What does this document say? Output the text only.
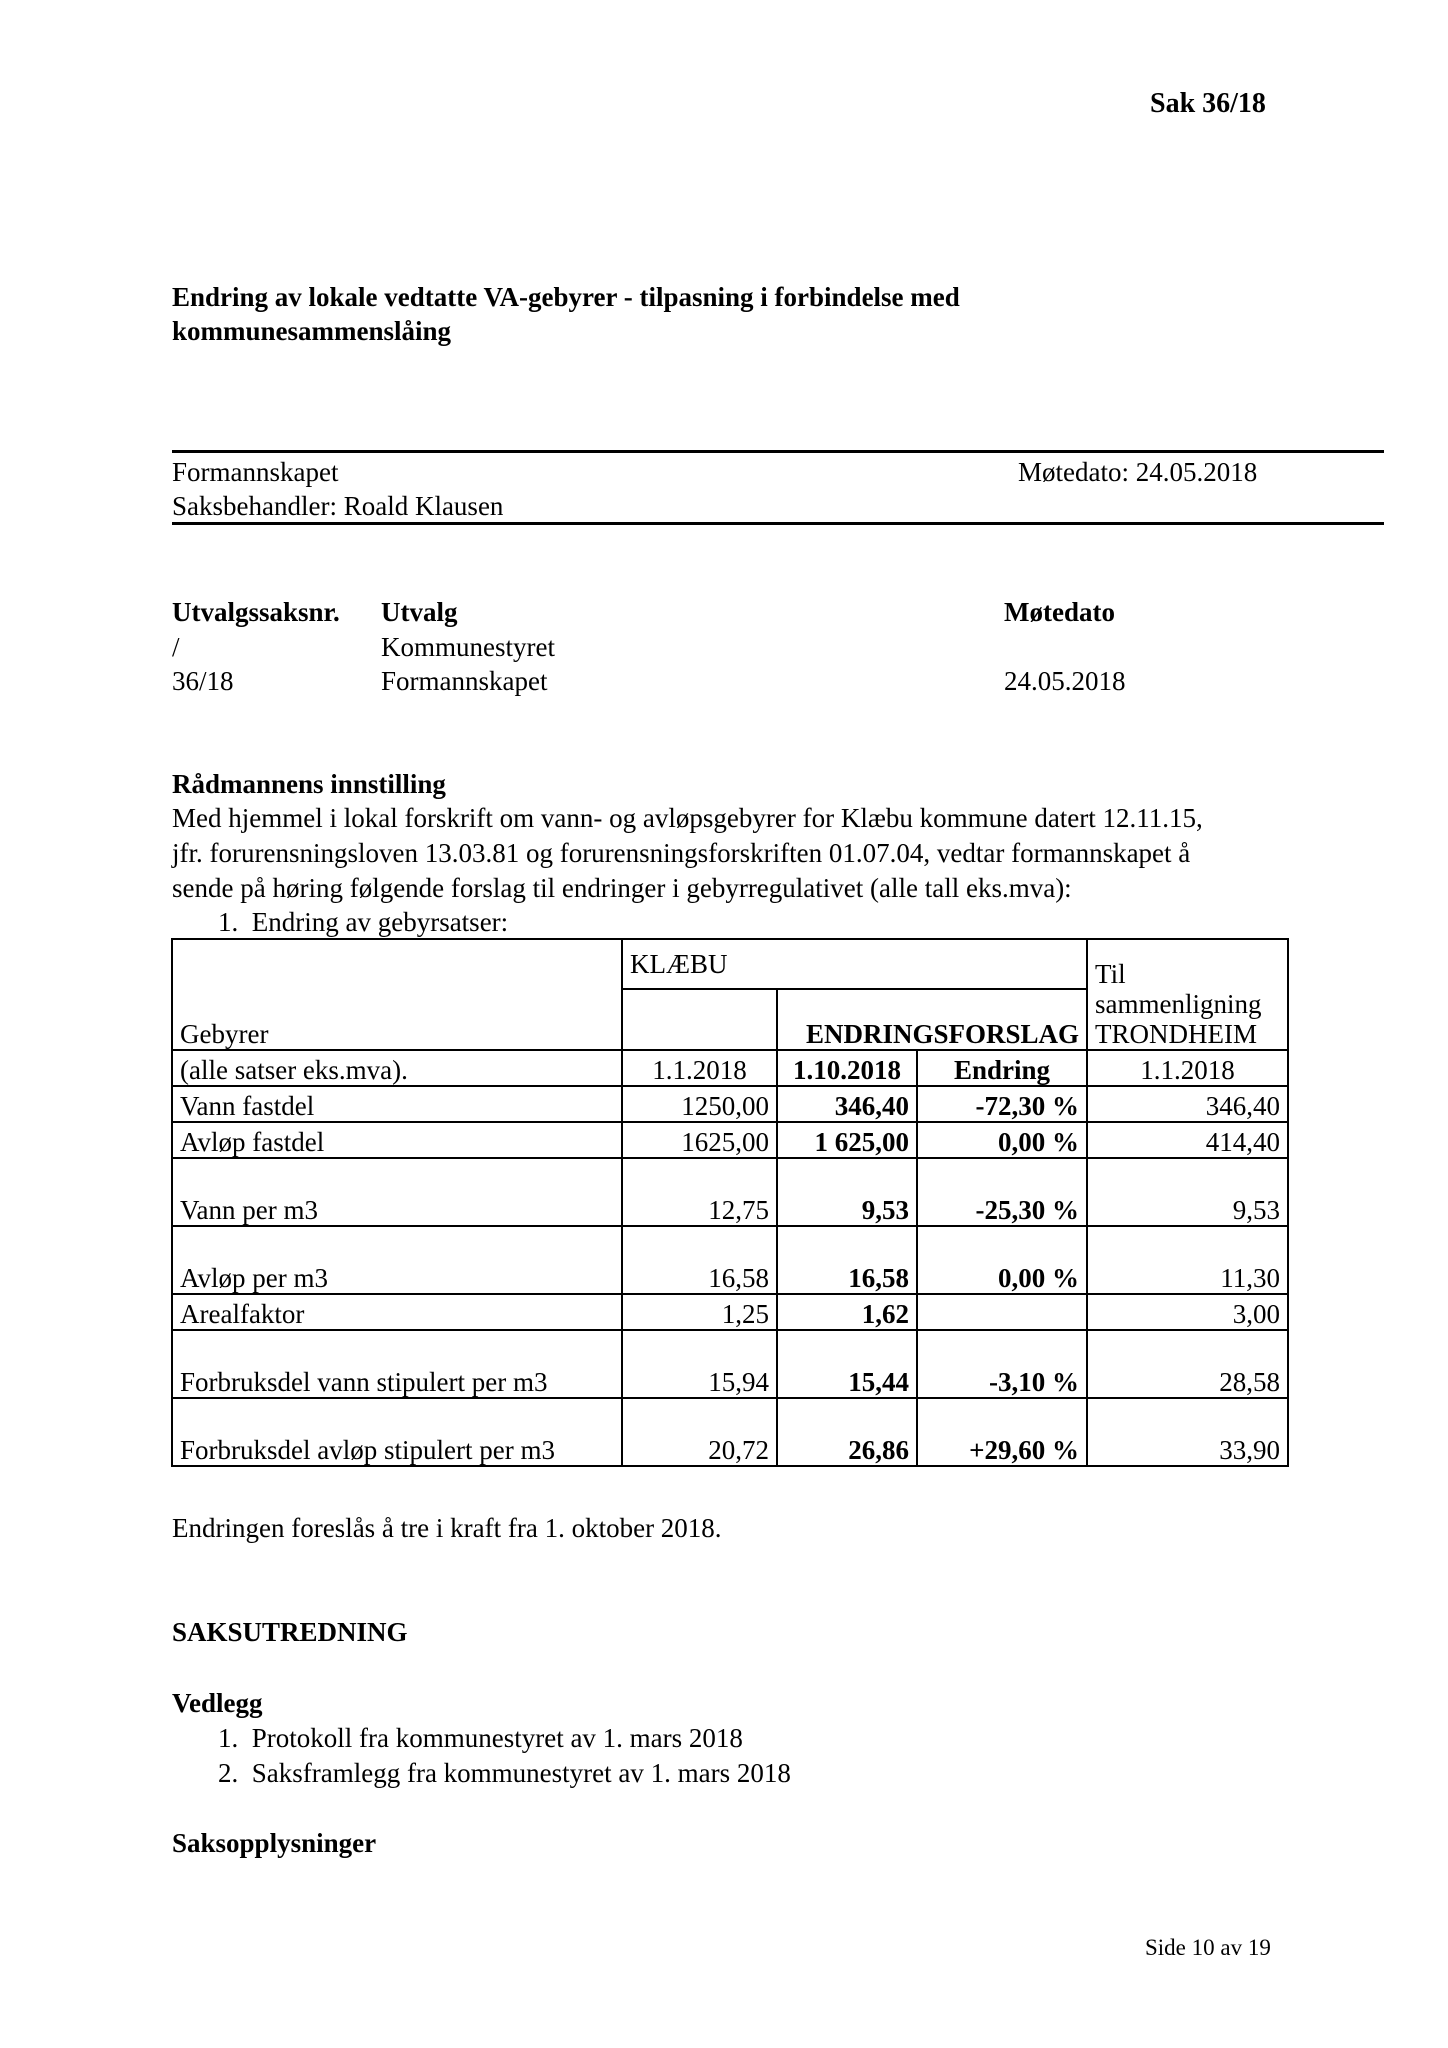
Sak 36/18
Endring av lokale vedtatte VA-gebyrer - tilpasning i forbindelse med kommunesammenslåing
Formannskapet	Møtedato: 24.05.2018
Saksbehandler: Roald Klausen
Utvalgssaksnr. Utvalg	Møtedato
/	Kommunestyret
36/18	Formannskapet	24.05.2018
Rådmannens innstilling
Med hjemmel i lokal forskrift om vann- og avløpsgebyrer for Klæbu kommune datert 12.11.15,
jfr. forurensningsloven 13.03.81 og forurensningsforskriften 01.07.04, vedtar formannskapet å
sende på høring følgende forslag til endringer i gebyrregulativet (alle tall eks.mva):
1.  Endring av gebyrsatser:
	KLÆBU			Til
Gebyrer		ENDRINGSFORSLAG		sammenligning
TRONDHEIM

(alle satser eks.mva).	1.1.2018	1.10.2018	Endring	1.1.2018
Vann fastdel	1250,00	346,40	-72,30 %	346,40
Avløp fastdel	1625,00	1 625,00	0,00 %	414,40
Vann per m3	12,75	9,53	-25,30 %	9,53
Avløp per m3	16,58	16,58	0,00 %	11,30
Arealfaktor	1,25	1,62		3,00
Forbruksdel vann stipulert per m3	15,94	15,44	-3,10 %	28,58
Forbruksdel avløp stipulert per m3	20,72	26,86	+29,60 %	33,90
Endringen foreslås å tre i kraft fra 1. oktober 2018.
SAKSUTREDNING
Vedlegg
1.  Protokoll fra kommunestyret av 1. mars 2018
2.  Saksframlegg fra kommunestyret av 1. mars 2018
Saksopplysninger
Side 10 av 19
